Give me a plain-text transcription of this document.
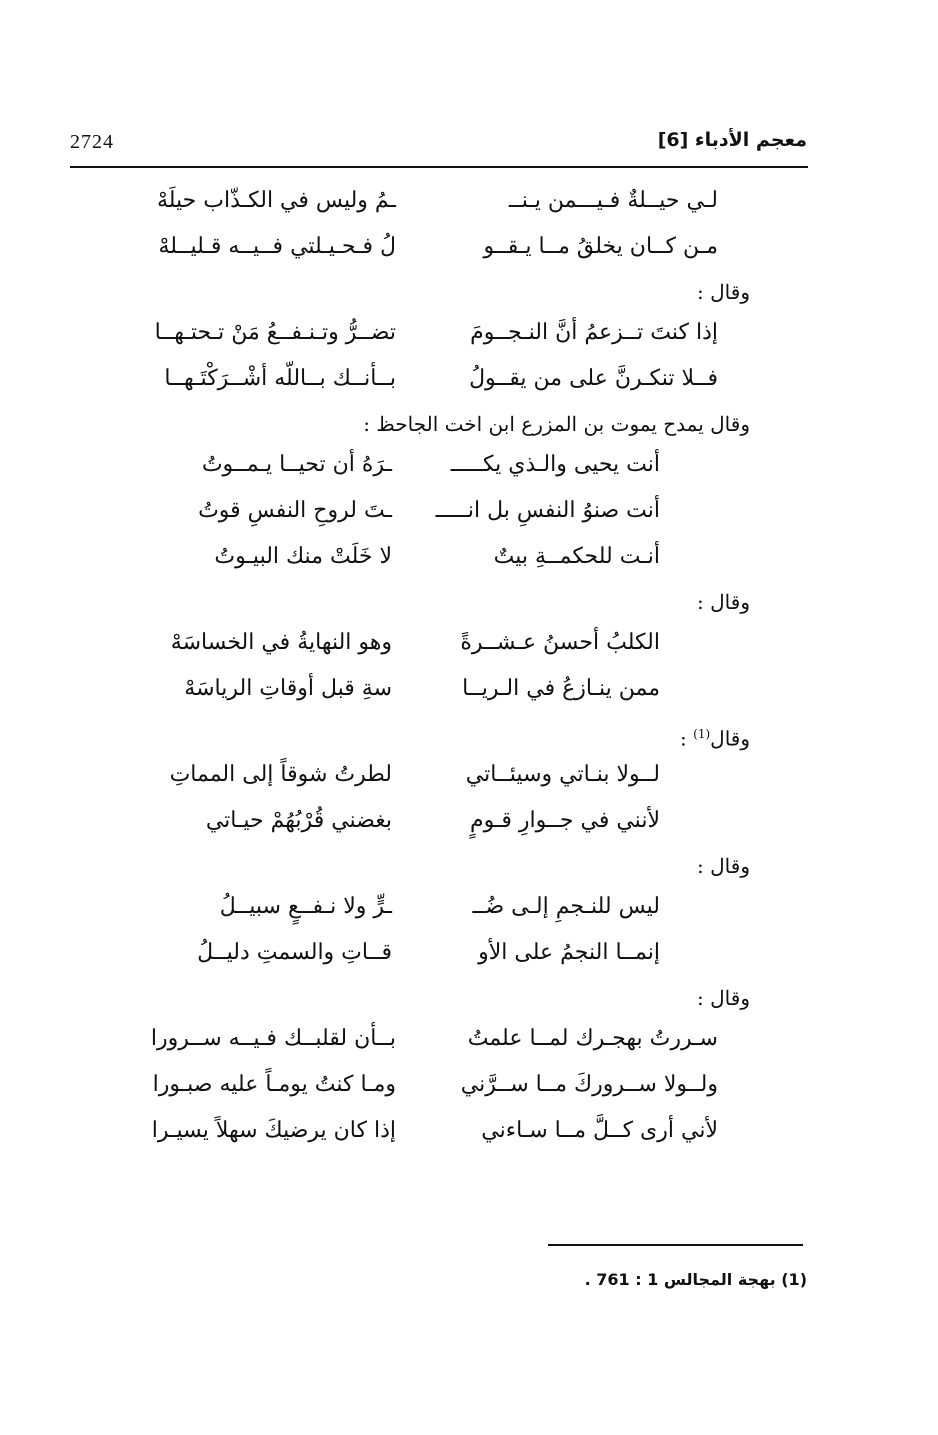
2724	معجم الأدباء [6]
لـي حيــلةٌ فـيـــمن يـنــ
ـمُ وليس في الكـذّاب حيلَهْ
مـن كــان يخلقُ مــا يـقــو
لُ فـحـيـلتي فــيــه قـليــلهْ
وقال :
إذا كنتَ تــزعمُ أنَّ النـجــومَ
تضــرُّ وتـنـفــعُ مَنْ تـحتـهــا
فــلا تنكـرنَّ على من يقــولُ
بــأنــك بــاللّه أشْــرَكْتَـهــا
وقال يمدح يموت بن المزرع ابن اخت الجاحظ :
أنت يحيى والـذي يكـــــ
ـرَهُ أن تحيــا يـمــوتُ
أنت صنوُ النفسِ بل انـــــ
ـتَ لروحِ النفسِ قوتُ
أنـت للحكمــةِ بيتٌ
لا خَلَتْ منك البيـوتُ
وقال :
الكلبُ أحسنُ عـشــرةً
وهو النهايةُ في الخساسَهْ
ممن ينـازعُ في الـريــا
سةِ قبل أوقاتِ الرياسَهْ
وقال$^{(1)}$ :
لــولا بنـاتي وسيئــاتي
لطرتُ شوقاً إلى المماتِ
لأنني في جــوارِ قـومٍ
بغضني قُرْبُهُمْ حيـاتي
وقال :
ليس للنـجمِ إلـى ضُــ
ـرٍّ ولا نـفــعٍ سبيــلُ
إنمــا النجمُ على الأو
قــاتِ والسمتِ دليــلُ
وقال :
سـررتُ بهجـرك لمــا علمتُ
بــأن لقلبــك فـيــه ســرورا
ولــولا ســروركَ مــا ســرَّني
ومـا كنتُ يومـاً عليه صبـورا
لأني أرى كــلَّ مــا سـاءني
إذا كان يرضيكَ سهلاً يسيـرا
(1) بهجة المجالس 1 : 761 .
